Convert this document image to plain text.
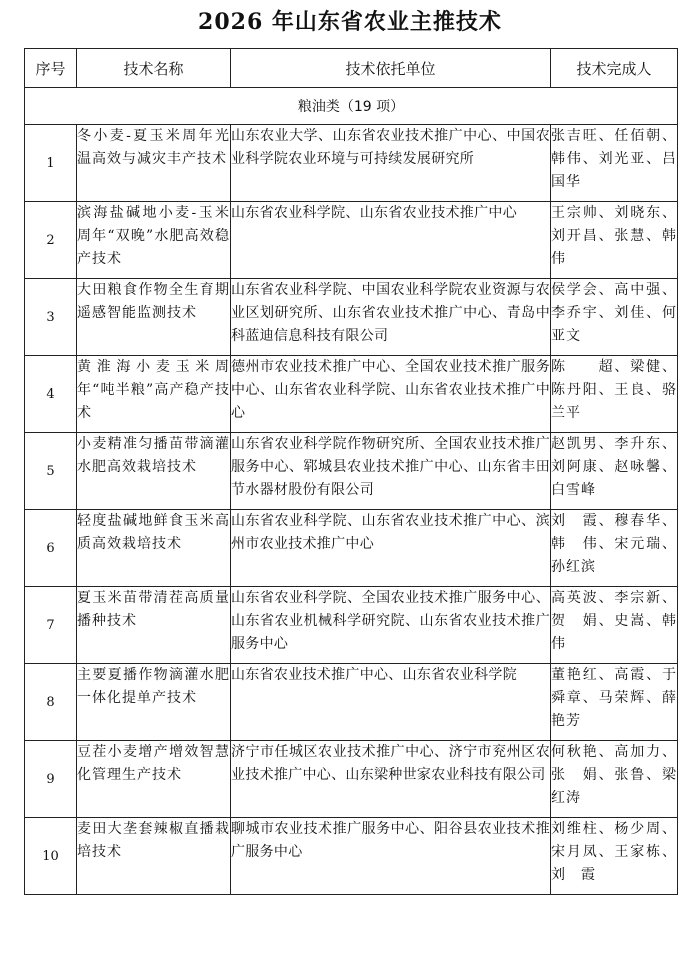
2026 年山东省农业主推技术
序号	技术名称	技术依托单位	技术完成人
粮油类（19 项）			

1	冬小麦-夏玉米周年光温高效与减灾丰产技术	山东农业大学、山东省农业技术推广中心、中国农业科学院农业环境与可持续发展研究所	张吉旺、任佰朝、韩伟、刘光亚、吕国华

2	滨海盐碱地小麦-玉米周年“双晚”水肥高效稳产技术	山东省农业科学院、山东省农业技术推广中心	王宗帅、刘晓东、刘开昌、张慧、韩伟

3	大田粮食作物全生育期遥感智能监测技术	山东省农业科学院、中国农业科学院农业资源与农业区划研究所、山东省农业技术推广中心、青岛中科蓝迪信息科技有限公司	侯学会、高中强、李乔宇、刘佳、何亚文

4	黄淮海小麦玉米周年“吨半粮”高产稳产技术	德州市农业技术推广中心、全国农业技术推广服务中心、山东省农业科学院、山东省农业技术推广中心	陈　　超、梁健、陈丹阳、王良、骆兰平

5	小麦精准匀播苗带滴灌水肥高效栽培技术	山东省农业科学院作物研究所、全国农业技术推广服务中心、郓城县农业技术推广中心、山东省丰田节水器材股份有限公司	赵凯男、李升东、刘阿康、赵咏馨、白雪峰

6	轻度盐碱地鲜食玉米高质高效栽培技术	山东省农业科学院、山东省农业技术推广中心、滨州市农业技术推广中心	刘　霞、穆春华、韩　伟、宋元瑞、孙红滨

7	夏玉米苗带清茬高质量播种技术	山东省农业科学院、全国农业技术推广服务中心、山东省农业机械科学研究院、山东省农业技术推广服务中心	高英波、李宗新、贺　娟、史嵩、韩　伟

8	主要夏播作物滴灌水肥一体化提单产技术	山东省农业技术推广中心、山东省农业科学院	董艳红、高霞、于舜章、马荣辉、薛艳芳

9	豆茬小麦增产增效智慧化管理生产技术	济宁市任城区农业技术推广中心、济宁市兖州区农业技术推广中心、山东梁种世家农业科技有限公司	何秋艳、高加力、张　娟、张鲁、梁红涛

10	麦田大垄套辣椒直播栽培技术	聊城市农业技术推广服务中心、阳谷县农业技术推广服务中心	刘维柱、杨少周、宋月凤、王家栋、刘　霞
